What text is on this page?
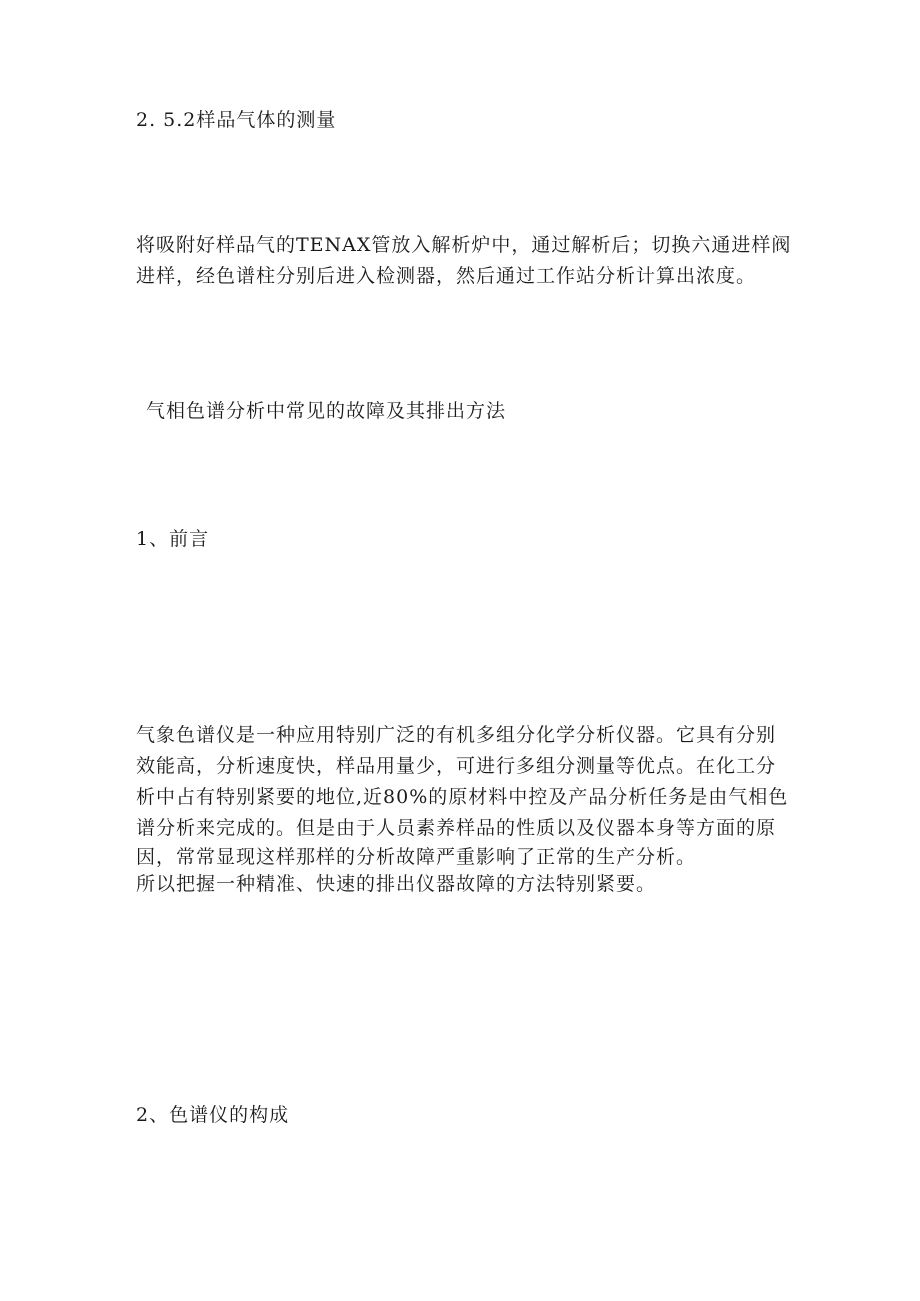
2. 5.2样品气体的测量
将吸附好样品气的TENAX管放入解析炉中，通过解析后；切换六通进样阀
进样，经色谱柱分别后进入检测器，然后通过工作站分析计算出浓度。
气相色谱分析中常见的故障及其排出方法
1、前言
气象色谱仪是一种应用特别广泛的有机多组分化学分析仪器。它具有分别
效能高，分析速度快，样品用量少，可进行多组分测量等优点。在化工分
析中占有特别紧要的地位,近80%的原材料中控及产品分析任务是由气相色
谱分析来完成的。但是由于人员素养样品的性质以及仪器本身等方面的原
因，常常显现这样那样的分析故障严重影响了正常的生产分析。
所以把握一种精准、快速的排出仪器故障的方法特别紧要。
2、色谱仪的构成
